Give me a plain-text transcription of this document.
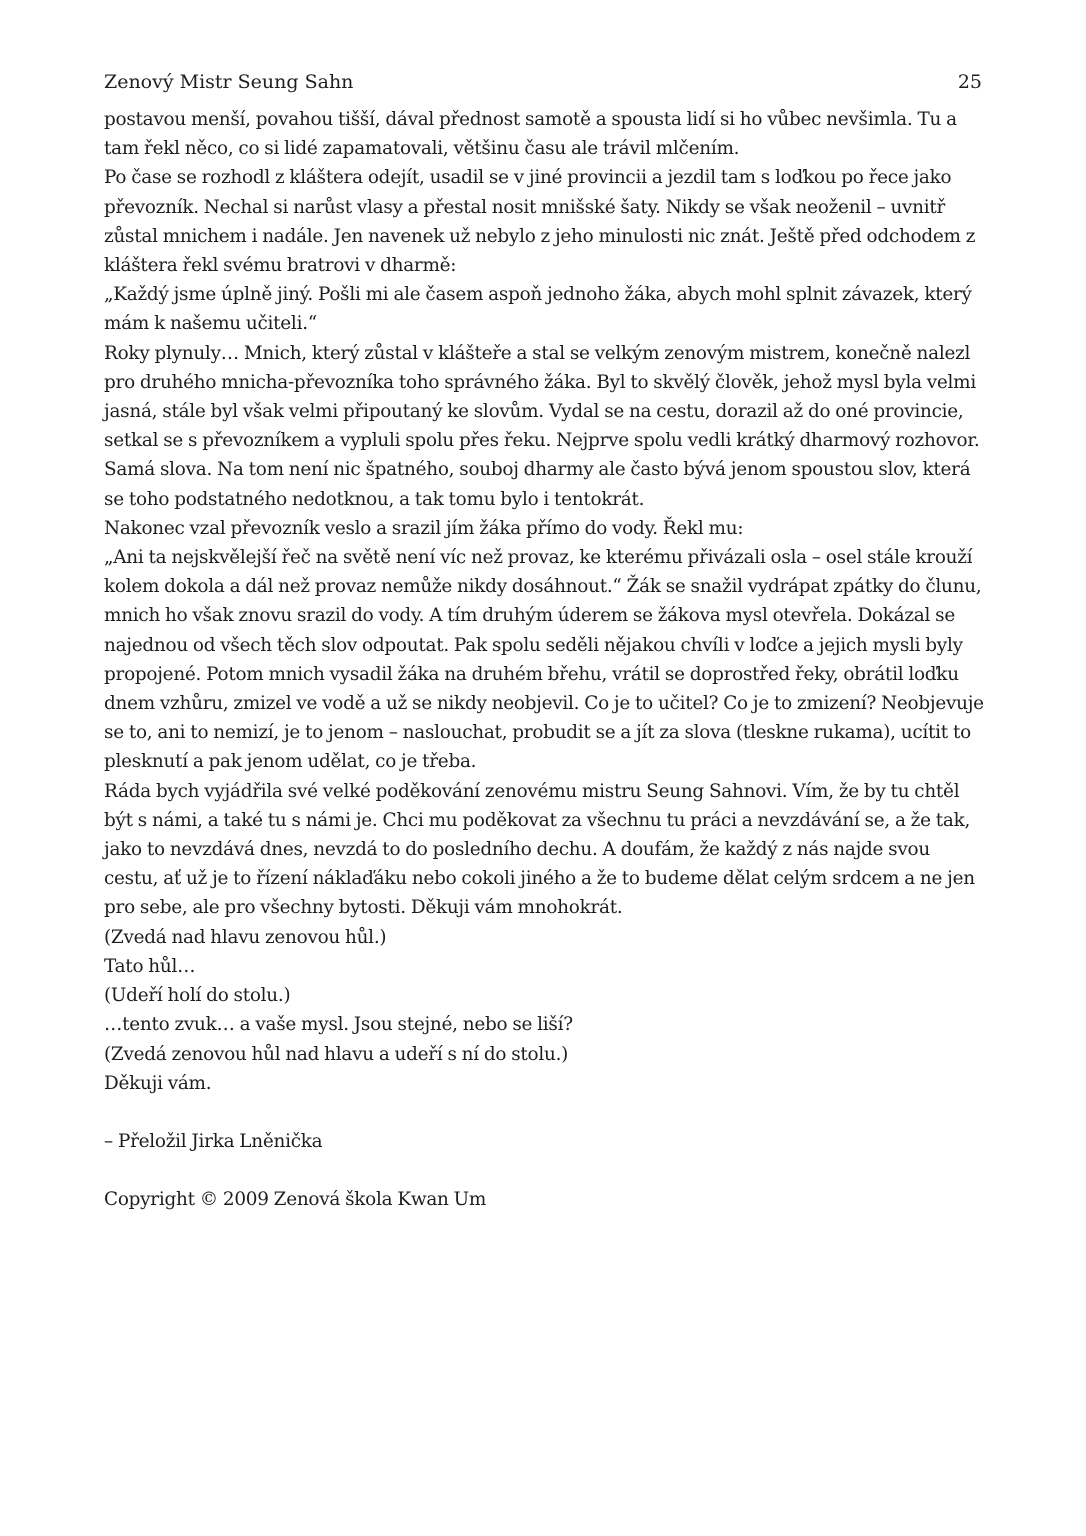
Zenový Mistr Seung Sahn	25

postavou menší, povahou tišší, dával přednost samotě a spousta lidí si ho vůbec nevšimla. Tu a tam řekl něco, co si lidé zapamatovali, většinu času ale trávil mlčením.

Po čase se rozhodl z kláštera odejít, usadil se v jiné provincii a jezdil tam s loďkou po řece jako převozník. Nechal si narůst vlasy a přestal nosit mnišské šaty. Nikdy se však neoženil – uvnitř zůstal mnichem i nadále. Jen navenek už nebylo z jeho minulosti nic znát. Ještě před odchodem z kláštera řekl svému bratrovi v dharmě:

„Každý jsme úplně jiný. Pošli mi ale časem aspoň jednoho žáka, abych mohl splnit závazek, který mám k našemu učiteli.“

Roky plynuly… Mnich, který zůstal v klášteře a stal se velkým zenovým mistrem, konečně nalezl pro druhého mnicha-převozníka toho správného žáka. Byl to skvělý člověk, jehož mysl byla velmi jasná, stále byl však velmi připoutaný ke slovům. Vydal se na cestu, dorazil až do oné provincie, setkal se s převozníkem a vypluli spolu přes řeku. Nejprve spolu vedli krátký dharmový rozhovor. Samá slova. Na tom není nic špatného, souboj dharmy ale často bývá jenom spoustou slov, která se toho podstatného nedotknou, a tak tomu bylo i tentokrát.

Nakonec vzal převozník veslo a srazil jím žáka přímo do vody. Řekl mu:

„Ani ta nejskvělejší řeč na světě není víc než provaz, ke kterému přivázali osla – osel stále krouží kolem dokola a dál než provaz nemůže nikdy dosáhnout.“ Žák se snažil vydrápat zpátky do člunu, mnich ho však znovu srazil do vody. A tím druhým úderem se žákova mysl otevřela. Dokázal se najednou od všech těch slov odpoutat. Pak spolu seděli nějakou chvíli v loďce a jejich mysli byly propojené. Potom mnich vysadil žáka na druhém břehu, vrátil se doprostřed řeky, obrátil loďku dnem vzhůru, zmizel ve vodě a už se nikdy neobjevil. Co je to učitel? Co je to zmizení? Neobjevuje se to, ani to nemizí, je to jenom – naslouchat, probudit se a jít za slova (tleskne rukama), ucítit to plesknutí a pak jenom udělat, co je třeba.

Ráda bych vyjádřila své velké poděkování zenovému mistru Seung Sahnovi. Vím, že by tu chtěl být s námi, a také tu s námi je. Chci mu poděkovat za všechnu tu práci a nevzdávání se, a že tak, jako to nevzdává dnes, nevzdá to do posledního dechu. A doufám, že každý z nás najde svou cestu, ať už je to řízení náklaďáku nebo cokoli jiného a že to budeme dělat celým srdcem a ne jen pro sebe, ale pro všechny bytosti. Děkuji vám mnohokrát.

(Zvedá nad hlavu zenovou hůl.)

Tato hůl…

(Udeří holí do stolu.)

…tento zvuk… a vaše mysl. Jsou stejné, nebo se liší?

(Zvedá zenovou hůl nad hlavu a udeří s ní do stolu.)

Děkuji vám.

– Přeložil Jirka Lněnička

Copyright © 2009 Zenová škola Kwan Um
